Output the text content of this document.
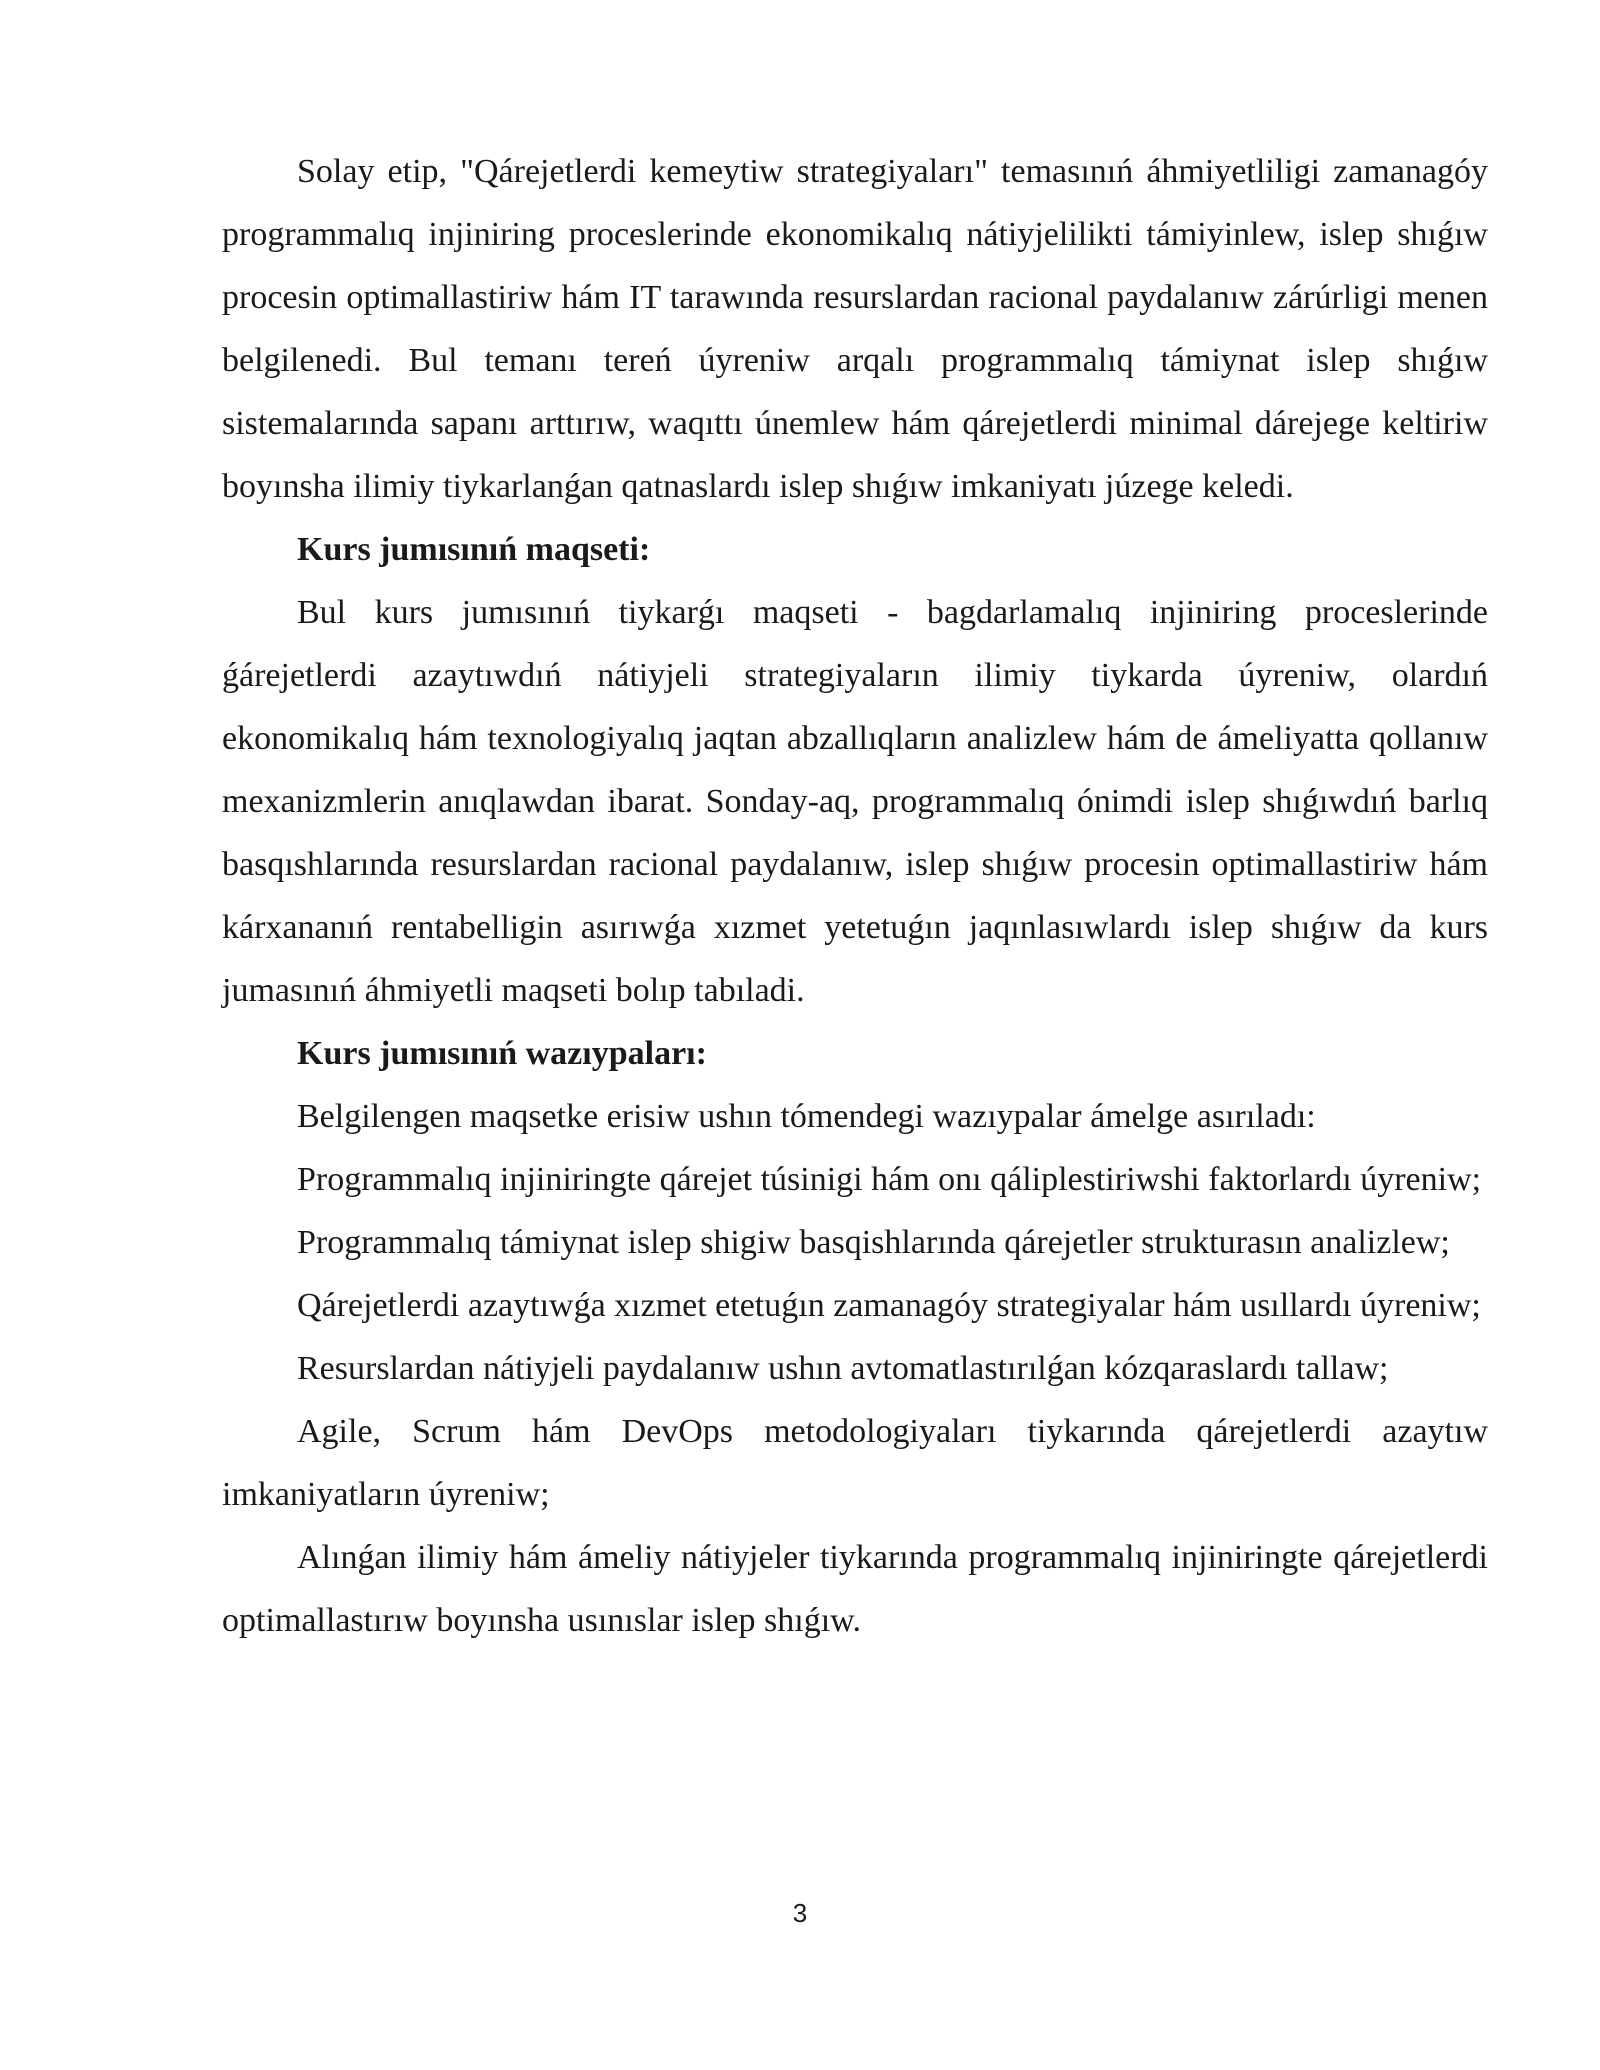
Solay etip, "Qárejetlerdi kemeytiw strategiyaları" temasınıń áhmiyetliligi zamanagóy programmalıq injiniring proceslerinde ekonomikalıq nátiyjelilikti támiyinlew, islep shıǵıw procesin optimallastiriw hám IT tarawında resurslardan racional paydalanıw zárúrligi menen belgilenedi. Bul temanı tereń úyreniw arqalı programmalıq támiynat islep shıǵıw sistemalarında sapanı arttırıw, waqıttı únemlew hám qárejetlerdi minimal dárejege keltiriw boyınsha ilimiy tiykarlanǵan qatnaslardı islep shıǵıw imkaniyatı júzege keledi.

Kurs jumısınıń maqseti:

Bul kurs jumısınıń tiykarǵı maqseti - bagdarlamalıq injiniring proceslerinde ǵárejetlerdi azaytıwdıń nátiyjeli strategiyaların ilimiy tiykarda úyreniw, olardıń ekonomikalıq hám texnologiyalıq jaqtan abzallıqların analizlew hám de ámeliyatta qollanıw mexanizmlerin anıqlawdan ibarat. Sonday-aq, programmalıq ónimdi islep shıǵıwdıń barlıq basqıshlarında resurslardan racional paydalanıw, islep shıǵıw procesin optimallastiriw hám kárxananıń rentabelligin asırıwǵa xızmet yetetuǵın jaqınlasıwlardı islep shıǵıw da kurs jumasınıń áhmiyetli maqseti bolıp tabıladi.

Kurs jumısınıń wazıypaları:

Belgilengen maqsetke erisiw ushın tómendegi wazıypalar ámelge asırıladı:

Programmalıq injiniringte qárejet túsinigi hám onı qáliplestiriwshi faktorlardı úyreniw;

Programmalıq támiynat islep shigiw basqishlarında qárejetler strukturasın analizlew;

Qárejetlerdi azaytıwǵa xızmet etetuǵın zamanagóy strategiyalar hám usıllardı úyreniw;

Resurslardan nátiyjeli paydalanıw ushın avtomatlastırılǵan kózqaraslardı tallaw;

Agile, Scrum hám DevOps metodologiyaları tiykarında qárejetlerdi azaytıw imkaniyatların úyreniw;

Alınǵan ilimiy hám ámeliy nátiyjeler tiykarında programmalıq injiniringte qárejetlerdi optimallastırıw boyınsha usınıslar islep shıǵıw.

3
